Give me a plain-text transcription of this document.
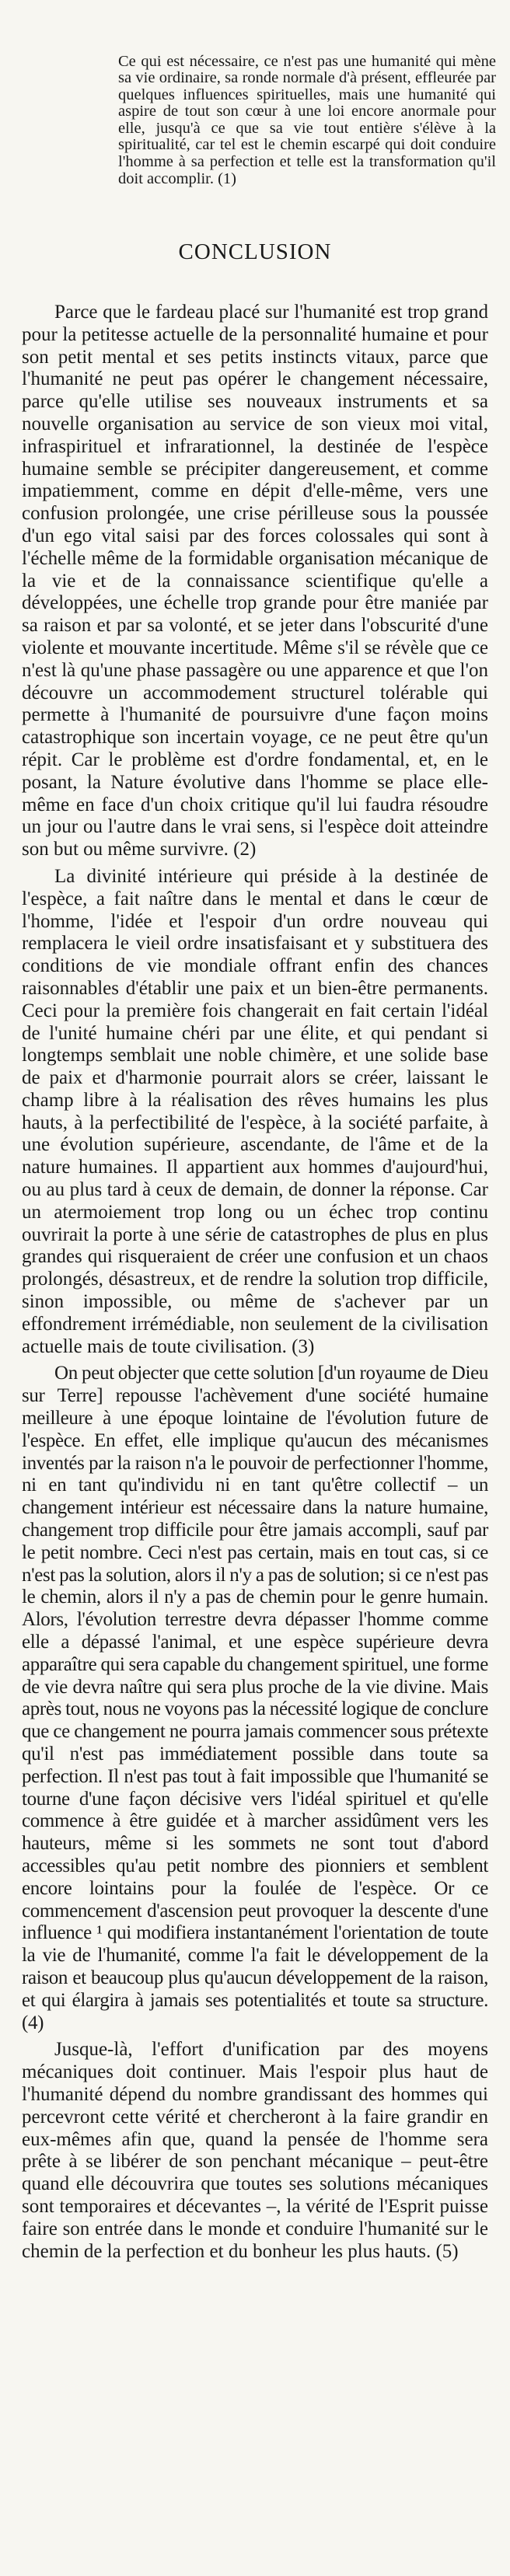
Ce qui est nécessaire, ce n'est pas une humanité qui mène sa vie ordinaire, sa ronde normale d'à présent, effleurée par quelques influences spirituelles, mais une humanité qui aspire de tout son cœur à une loi encore anormale pour elle, jusqu'à ce que sa vie tout entière s'élève à la spiritualité, car tel est le chemin escarpé qui doit conduire l'homme à sa perfection et telle est la transformation qu'il doit accomplir. (1)

CONCLUSION

Parce que le fardeau placé sur l'humanité est trop grand pour la petitesse actuelle de la personnalité humaine et pour son petit mental et ses petits instincts vitaux, parce que l'humanité ne peut pas opérer le changement nécessaire, parce qu'elle utilise ses nouveaux instruments et sa nouvelle organisation au service de son vieux moi vital, infraspirituel et infrarationnel, la destinée de l'espèce humaine semble se précipiter dangereusement, et comme impatiemment, comme en dépit d'elle-même, vers une confusion prolongée, une crise périlleuse sous la poussée d'un ego vital saisi par des forces colossales qui sont à l'échelle même de la formidable organisation mécanique de la vie et de la connaissance scientifique qu'elle a développées, une échelle trop grande pour être maniée par sa raison et par sa volonté, et se jeter dans l'obscurité d'une violente et mouvante incertitude. Même s'il se révèle que ce n'est là qu'une phase passagère ou une apparence et que l'on découvre un accommodement structurel tolérable qui permette à l'humanité de poursuivre d'une façon moins catastrophique son incertain voyage, ce ne peut être qu'un répit. Car le problème est d'ordre fondamental, et, en le posant, la Nature évolutive dans l'homme se place elle-même en face d'un choix critique qu'il lui faudra résoudre un jour ou l'autre dans le vrai sens, si l'espèce doit atteindre son but ou même survivre. (2)

La divinité intérieure qui préside à la destinée de l'espèce, a fait naître dans le mental et dans le cœur de l'homme, l'idée et l'espoir d'un ordre nouveau qui remplacera le vieil ordre insatisfaisant et y substituera des conditions de vie mondiale offrant enfin des chances raisonnables d'établir une paix et un bien-être permanents. Ceci pour la première fois changerait en fait certain l'idéal de l'unité humaine chéri par une élite, et qui pendant si longtemps semblait une noble chimère, et une solide base de paix et d'harmonie pourrait alors se créer, laissant le champ libre à la réalisation des rêves humains les plus hauts, à la perfectibilité de l'espèce, à la société parfaite, à une évolution supérieure, ascendante, de l'âme et de la nature humaines. Il appartient aux hommes d'aujourd'hui, ou au plus tard à ceux de demain, de donner la réponse. Car un atermoiement trop long ou un échec trop continu ouvrirait la porte à une série de catastrophes de plus en plus grandes qui risqueraient de créer une confusion et un chaos prolongés, désastreux, et de rendre la solution trop difficile, sinon impossible, ou même de s'achever par un effondrement irrémédiable, non seulement de la civilisation actuelle mais de toute civilisation. (3)

On peut objecter que cette solution [d'un royaume de Dieu sur Terre] repousse l'achèvement d'une société humaine meilleure à une époque lointaine de l'évolution future de l'espèce. En effet, elle implique qu'aucun des mécanismes inventés par la raison n'a le pouvoir de perfectionner l'homme, ni en tant qu'individu ni en tant qu'être collectif – un changement intérieur est nécessaire dans la nature humaine, changement trop difficile pour être jamais accompli, sauf par le petit nombre. Ceci n'est pas certain, mais en tout cas, si ce n'est pas la solution, alors il n'y a pas de solution; si ce n'est pas le chemin, alors il n'y a pas de chemin pour le genre humain. Alors, l'évolution terrestre devra dépasser l'homme comme elle a dépassé l'animal, et une espèce supérieure devra apparaître qui sera capable du changement spirituel, une forme de vie devra naître qui sera plus proche de la vie divine. Mais après tout, nous ne voyons pas la nécessité logique de conclure que ce changement ne pourra jamais commencer sous prétexte qu'il n'est pas immédiatement possible dans toute sa perfection. Il n'est pas tout à fait impossible que l'humanité se tourne d'une façon décisive vers l'idéal spirituel et qu'elle commence à être guidée et à marcher assidûment vers les hauteurs, même si les sommets ne sont tout d'abord accessibles qu'au petit nombre des pionniers et semblent encore lointains pour la foulée de l'espèce. Or ce commencement d'ascension peut provoquer la descente d'une influence ¹ qui modifiera instantanément l'orientation de toute la vie de l'humanité, comme l'a fait le développement de la raison et beaucoup plus qu'aucun développement de la raison, et qui élargira à jamais ses potentialités et toute sa structure. (4)

Jusque-là, l'effort d'unification par des moyens mécaniques doit continuer. Mais l'espoir plus haut de l'humanité dépend du nombre grandissant des hommes qui percevront cette vérité et chercheront à la faire grandir en eux-mêmes afin que, quand la pensée de l'homme sera prête à se libérer de son penchant mécanique – peut-être quand elle découvrira que toutes ses solutions mécaniques sont temporaires et décevantes –, la vérité de l'Esprit puisse faire son entrée dans le monde et conduire l'humanité sur le chemin de la perfection et du bonheur les plus hauts. (5)
